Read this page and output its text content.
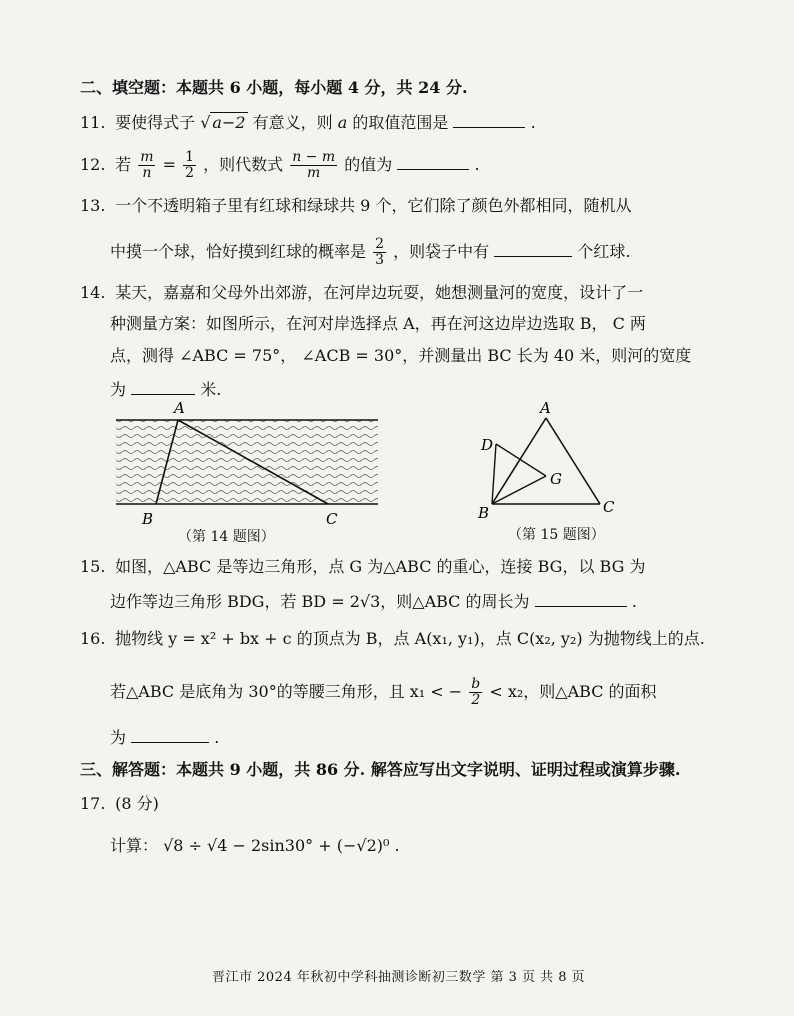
二、填空题：本题共 6 小题，每小题 4 分，共 24 分.
11. 要使得式子 √ a−2 有意义，则 a 的取值范围是	.
12. 若 $\frac{m}{n} = \frac{1}{2}$ ，则代数式 $\frac{n - m}{m}$ 的值为	.
13. 一个不透明箱子里有红球和绿球共 9 个，它们除了颜色外都相同，随机从
中摸一个球，恰好摸到红球的概率是 $\frac{2}{3}$ ，则袋子中有	个红球.
14. 某天，嘉嘉和父母外出郊游，在河岸边玩耍，她想测量河的宽度，设计了一
种测量方案：如图所示，在河对岸选择点 A，再在河这边岸边选取 B， C 两
点，测得 ∠ABC = 75°， ∠ACB = 30°，并测量出 BC 长为 40 米，则河的宽度
为	米.
A
B	C
（第 14 题图）
A
B	C
D
G
（第 15 题图）
15. 如图，△ABC 是等边三角形，点 G 为△ABC 的重心，连接 BG，以 BG 为
边作等边三角形 BDG，若 BD = 2√3，则△ABC 的周长为	.
16. 抛物线 y = x² + bx + c 的顶点为 B，点 A(x₁, y₁)，点 C(x₂, y₂) 为抛物线上的点.
若△ABC 是底角为 30°的等腰三角形，且 x₁ < − $\frac{b}{2} < x_2$，则△ABC 的面积
为	.
三、解答题：本题共 9 小题，共 86 分. 解答应写出文字说明、证明过程或演算步骤.
17. (8 分)
计算： √8 ÷ √4 − 2sin30° + (−√2)⁰ .
晋江市 2024 年秋初中学科抽测诊断初三数学 第 3 页 共 8 页
